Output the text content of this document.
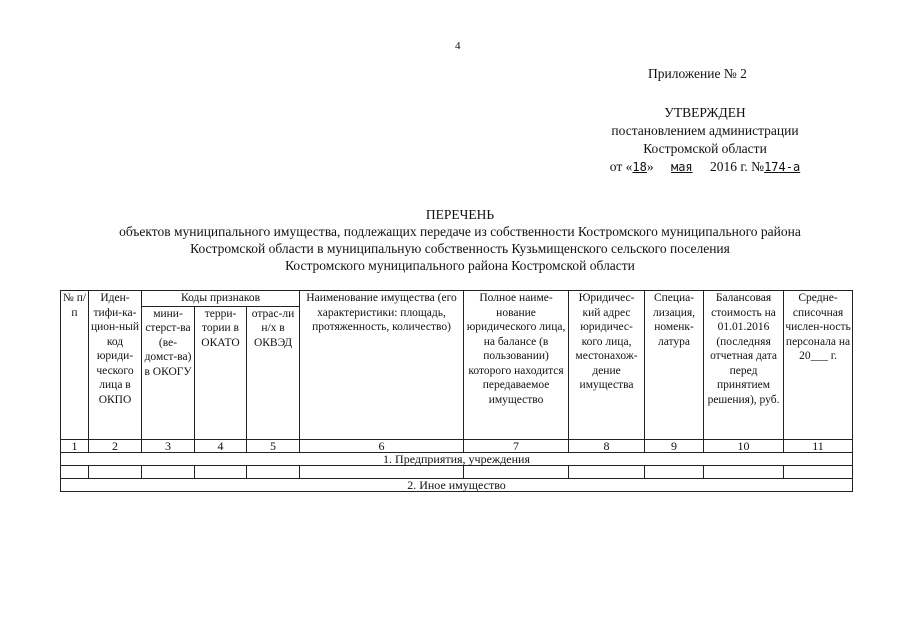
4
Приложение № 2
УТВЕРЖДЕН
постановлением администрации
Костромской области
от «18» мая 2016 г. №174-а
ПЕРЕЧЕНЬ
объектов муниципального имущества, подлежащих передаче из собственности Костромского муниципального района
Костромской области в муниципальную собственность Кузьмищенского сельского поселения
Костромского муниципального района Костромской области
№ п/п	Иден-тифи-ка-цион-ный код юриди-ческого лица в ОКПО	Коды признаков			Наименование имущества (его характеристики: площадь, протяженность, количество)	Полное наиме-нование юридического лица, на балансе (в пользовании) которого находится передаваемое имущество	Юридичес-кий адрес юридичес-кого лица, местонахож-дение имущества	Специа-лизация, номенк-латура	Балансовая стоимость на 01.01.2016 (последняя отчетная дата перед принятием решения), руб.	Средне-списочная числен-ность персонала на 20___ г.
		мини-стерст-ва (ве-домст-ва) в ОКОГУ	терри-тории в ОКАТО	отрас-ли н/х в ОКВЭД						
1	2	3	4	5	6	7	8	9	10	11
1. Предприятия, учреждения										

2. Иное имущество										
